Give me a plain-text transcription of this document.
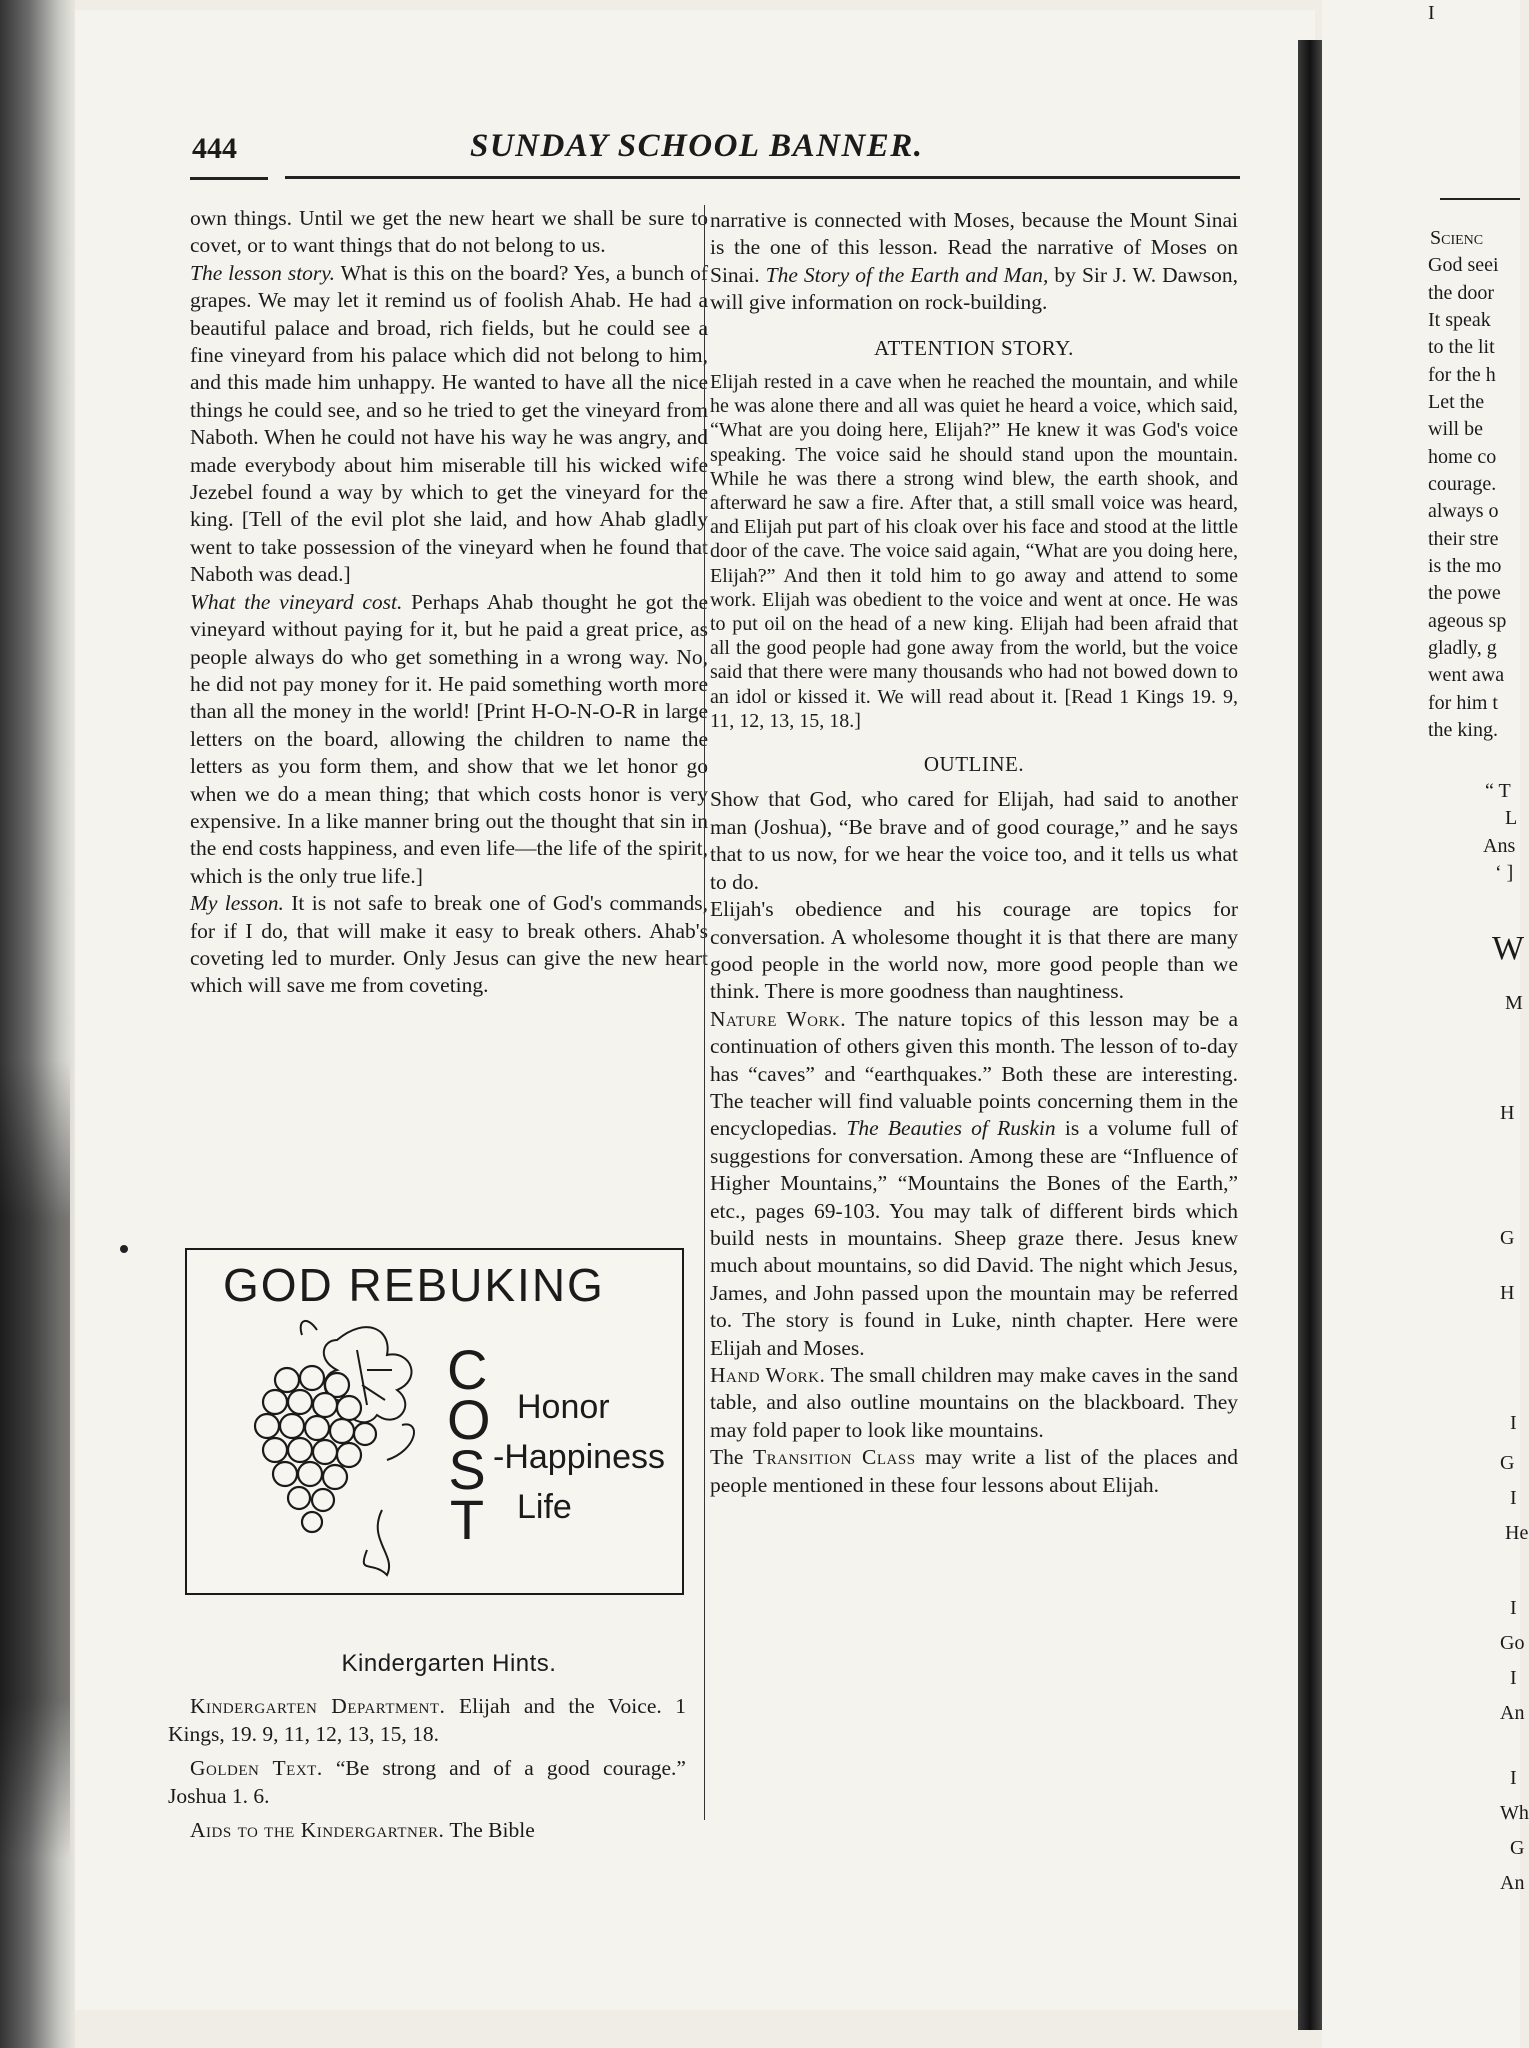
444	SUNDAY SCHOOL BANNER.

own things. Until we get the new heart we shall be sure to covet, or to want things that do not belong to us.

The lesson story. What is this on the board? Yes, a bunch of grapes. We may let it remind us of foolish Ahab. He had a beautiful palace and broad, rich fields, but he could see a fine vineyard from his palace which did not belong to him, and this made him unhappy. He wanted to have all the nice things he could see, and so he tried to get the vineyard from Naboth. When he could not have his way he was angry, and made everybody about him miserable till his wicked wife Jezebel found a way by which to get the vineyard for the king. [Tell of the evil plot she laid, and how Ahab gladly went to take possession of the vineyard when he found that Naboth was dead.]

What the vineyard cost. Perhaps Ahab thought he got the vineyard without paying for it, but he paid a great price, as people always do who get something in a wrong way. No, he did not pay money for it. He paid something worth more than all the money in the world! [Print H-O-N-O-R in large letters on the board, allowing the children to name the letters as you form them, and show that we let honor go when we do a mean thing; that which costs honor is very expensive. In a like manner bring out the thought that sin in the end costs happiness, and even life—the life of the spirit, which is the only true life.]

My lesson. It is not safe to break one of God's commands, for if I do, that will make it easy to break others. Ahab's coveting led to murder. Only Jesus can give the new heart which will save me from coveting.

GOD REBUKING
C
O
S
T
Honor
-Happiness
Life
Kindergarten Hints.

Kindergarten Department. Elijah and the Voice. 1 Kings, 19. 9, 11, 12, 13, 15, 18.

Golden Text. “Be strong and of a good courage.” Joshua 1. 6.

Aids to the Kindergartner. The Bible

narrative is connected with Moses, because the Mount Sinai is the one of this lesson. Read the narrative of Moses on Sinai. The Story of the Earth and Man, by Sir J. W. Dawson, will give information on rock-building.

ATTENTION STORY.

Elijah rested in a cave when he reached the mountain, and while he was alone there and all was quiet he heard a voice, which said, “What are you doing here, Elijah?” He knew it was God's voice speaking. The voice said he should stand upon the mountain. While he was there a strong wind blew, the earth shook, and afterward he saw a fire. After that, a still small voice was heard, and Elijah put part of his cloak over his face and stood at the little door of the cave. The voice said again, “What are you doing here, Elijah?” And then it told him to go away and attend to some work. Elijah was obedient to the voice and went at once. He was to put oil on the head of a new king. Elijah had been afraid that all the good people had gone away from the world, but the voice said that there were many thousands who had not bowed down to an idol or kissed it. We will read about it. [Read 1 Kings 19. 9, 11, 12, 13, 15, 18.]

OUTLINE.

Show that God, who cared for Elijah, had said to another man (Joshua), “Be brave and of good courage,” and he says that to us now, for we hear the voice too, and it tells us what to do.

Elijah's obedience and his courage are topics for conversation. A wholesome thought it is that there are many good people in the world now, more good people than we think. There is more goodness than naughtiness.

Nature Work. The nature topics of this lesson may be a continuation of others given this month. The lesson of to-day has “caves” and “earthquakes.” Both these are interesting. The teacher will find valuable points concerning them in the encyclopedias. The Beauties of Ruskin is a volume full of suggestions for conversation. Among these are “Influence of Higher Mountains,” “Mountains the Bones of the Earth,” etc., pages 69-103. You may talk of different birds which build nests in mountains. Sheep graze there. Jesus knew much about mountains, so did David. The night which Jesus, James, and John passed upon the mountain may be referred to. The story is found in Luke, ninth chapter. Here were Elijah and Moses.

Hand Work. The small children may make caves in the sand table, and also outline mountains on the blackboard. They may fold paper to look like mountains.

The Transition Class may write a list of the places and people mentioned in these four lessons about Elijah.

Scienc
God seei
the door
It speak
to the lit
for the h
Let the
will be
home co
courage.
always o
their stre
is the mo
the powe
ageous sp
gladly, g
went awa
for him t
the king.
“ T
L
Ans
‘ ]
W
M
H
G
H
I
G
I
He
I
Go
I
An
I
Wh
G
An
I
